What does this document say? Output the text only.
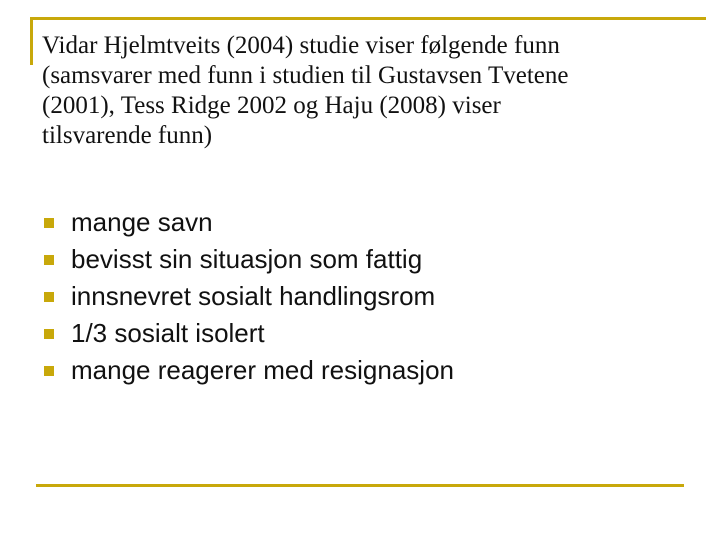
Vidar Hjelmtveits (2004) studie viser følgende funn
(samsvarer med funn i studien til Gustavsen Tvetene
(2001), Tess Ridge 2002 og Haju (2008) viser
tilsvarende funn)
mange savn
bevisst sin situasjon som fattig
innsnevret sosialt handlingsrom
1/3 sosialt isolert
mange reagerer med resignasjon
